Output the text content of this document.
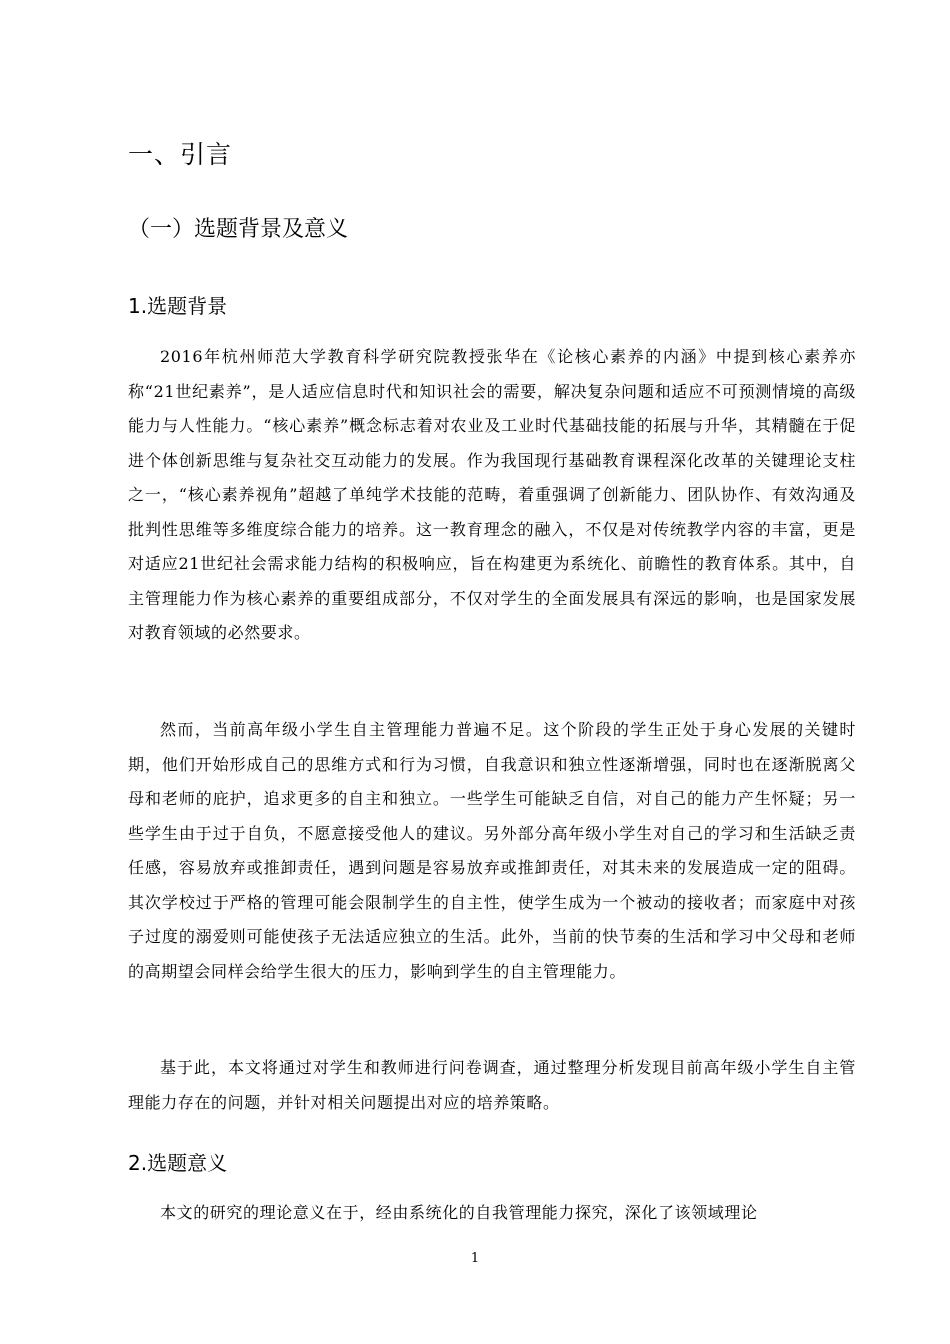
一、引言
（一）选题背景及意义
1.选题背景

2016年杭州师范大学教育科学研究院教授张华在《论核心素养的内涵》中提到核心素养亦称“21世纪素养”，是人适应信息时代和知识社会的需要，解决复杂问题和适应不可预测情境的高级能力与人性能力。“核心素养”概念标志着对农业及工业时代基础技能的拓展与升华，其精髓在于促进个体创新思维与复杂社交互动能力的发展。作为我国现行基础教育课程深化改革的关键理论支柱之一，“核心素养视角”超越了单纯学术技能的范畴，着重强调了创新能力、团队协作、有效沟通及批判性思维等多维度综合能力的培养。这一教育理念的融入，不仅是对传统教学内容的丰富，更是对适应21世纪社会需求能力结构的积极响应，旨在构建更为系统化、前瞻性的教育体系。其中，自主管理能力作为核心素养的重要组成部分，不仅对学生的全面发展具有深远的影响，也是国家发展对教育领域的必然要求。

然而，当前高年级小学生自主管理能力普遍不足。这个阶段的学生正处于身心发展的关键时期，他们开始形成自己的思维方式和行为习惯，自我意识和独立性逐渐增强，同时也在逐渐脱离父母和老师的庇护，追求更多的自主和独立。一些学生可能缺乏自信，对自己的能力产生怀疑；另一些学生由于过于自负，不愿意接受他人的建议。另外部分高年级小学生对自己的学习和生活缺乏责任感，容易放弃或推卸责任，遇到问题是容易放弃或推卸责任，对其未来的发展造成一定的阻碍。其次学校过于严格的管理可能会限制学生的自主性，使学生成为一个被动的接收者；而家庭中对孩子过度的溺爱则可能使孩子无法适应独立的生活。此外，当前的快节奏的生活和学习中父母和老师的高期望会同样会给学生很大的压力，影响到学生的自主管理能力。

基于此，本文将通过对学生和教师进行问卷调查，通过整理分析发现目前高年级小学生自主管理能力存在的问题，并针对相关问题提出对应的培养策略。

2.选题意义

本文的研究的理论意义在于，经由系统化的自我管理能力探究，深化了该领域理论

1
